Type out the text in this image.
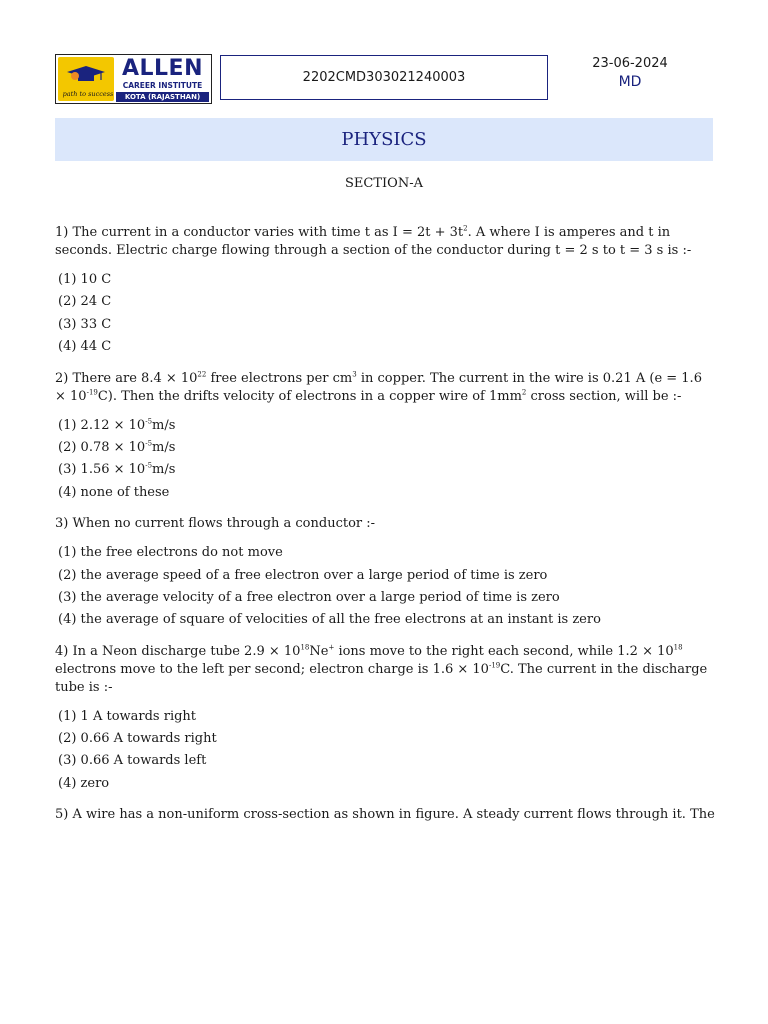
path to success
ALLEN
CAREER INSTITUTE
KOTA (RAJASTHAN)
2202CMD303021240003
23-06-2024
MD
PHYSICS
SECTION-A
1) The current in a conductor varies with time t as $I = 2t + 3t^2$. A where I is amperes and t in seconds. Electric charge flowing through a section of the conductor during t = 2 s to t = 3 s is :-
(1) 10 C
(2) 24 C
(3) 33 C
(4) 44 C
2) There are $8.4 \times 10^{22}$ free electrons per $cm^3$ in copper. The current in the wire is 0.21 A $(e = 1.6 \times 10^{-19}C)$. Then the drifts velocity of electrons in a copper wire of $1mm^2$ cross section, will be :-
(1) $2.12 \times 10^{-5}m/s$
(2) $0.78 \times 10^{-5}m/s$
(3) $1.56 \times 10^{-5}m/s$
(4) none of these
3) When no current flows through a conductor :-
(1) the free electrons do not move
(2) the average speed of a free electron over a large period of time is zero
(3) the average velocity of a free electron over a large period of time is zero
(4) the average of square of velocities of all the free electrons at an instant is zero
4) In a Neon discharge tube $2.9 \times 10^{18}Ne^+$ ions move to the right each second, while $1.2 \times 10^{18}$ electrons move to the left per second; electron charge is $1.6 \times 10^{-19}C$. The current in the discharge tube is :-
(1) 1 A towards right
(2) 0.66 A towards right
(3) 0.66 A towards left
(4) zero
5) A wire has a non-uniform cross-section as shown in figure. A steady current flows through it. The
